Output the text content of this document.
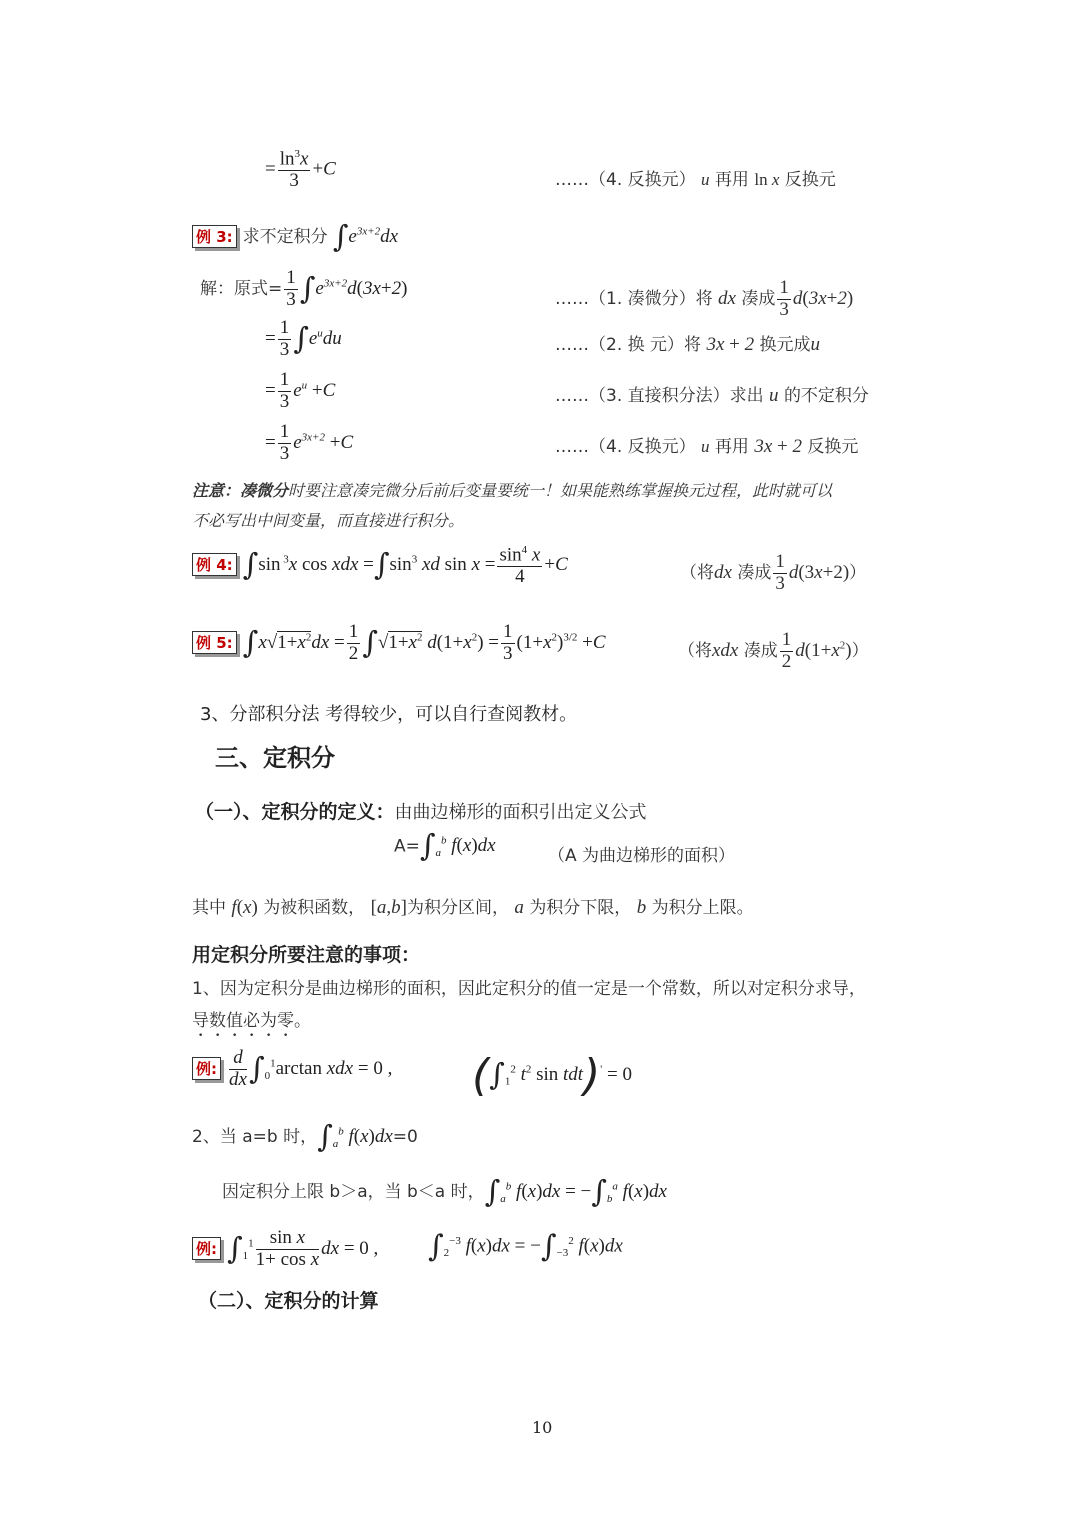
= $\frac{\ln^3x}{3} +C$
……（4. 反换元） u 再用 ln x 反换元
例 3: 求不定积分 $\int e^{3x+2}dx$
解：原式= $\frac{1}{3} \int e^{3x+2}d(3x+2)$	……（1. 凑微分）将 dx 凑成 $\frac{1}{3} d(3x+2)$
= $\frac{1}{3} \int e^udu$	……（2. 换 元）将 3x + 2 换元成u
= $\frac{1}{3} e^u +C$	……（3. 直接积分法）求出 u 的不定积分
= $\frac{1}{3} e^{3x+2} +C$	……（4. 反换元） u 再用 3x + 2 反换元
注意：凑微分时要注意凑完微分后前后变量要统一！如果能熟练掌握换元过程，此时就可以
不必写出中间变量，而直接进行积分。
例 4: ∫sin $^3$x cos xdx $=\int\sin^3$ xd $\sin x = \frac{\sin^4 x}{4} +C$	（将dx 凑成 $\frac{1}{3} d(3x+2)$）
例 5: $\int x√1+x^2dx = \frac{1}{2} \int√1+x^2$ $d(1+x^2) = \frac{1}{3} (1+x^2)^{3/2} +C$	（将xdx 凑成 $\frac{1}{2} d(1+x^2)$）
3、分部积分法 考得较少，可以自行查阅教材。
三、定积分
（一）、定积分的定义：由曲边梯形的面积引出定义公式
$A=\int_a^b$ f(x)dx	（A 为曲边梯形的面积）
其中 f(x) 为被积函数， [a,b]为积分区间， a 为积分下限， b 为积分上限。
用定积分所要注意的事项：
1、因为定积分是曲边梯形的面积，因此定积分的值一定是一个常数，所以对定积分求导，
导数值必为零。
例: $\frac{d}{dx} \int_0^1\arctan$ xdx = 0 , ($\int_1^2$ $t^2$ sin tdt)' = 0
2、当 a=b 时，$\int_a^b$ f(x)dx=0
因定积分上限 b＞a，当 b＜a 时，$\int_a^b$ $f(x)dx = -\int_b^a$ f(x)dx
例: $\int_1^1 \frac{\text{sin x}}{\text{1+ cos x}}$ dx = 0 , $\int_2^{-3}$ $f(x)dx = -\int_{-3}^2$ f(x)dx
（二）、定积分的计算
10
